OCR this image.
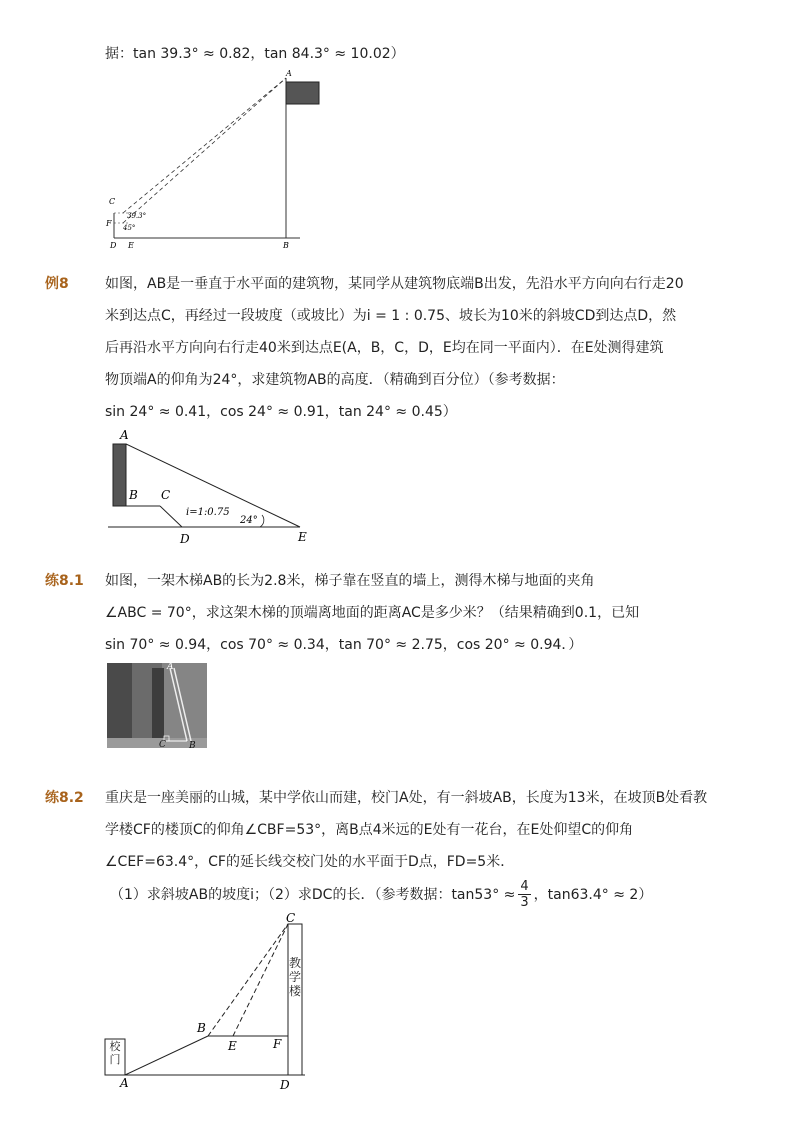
据：tan 39.3° ≈ 0.82，tan 84.3° ≈ 10.02）
A
B
C
F
D E
39.3°
45°
例8	如图，AB是一垂直于水平面的建筑物，某同学从建筑物底端B出发，先沿水平方向向右行走20
米到达点C，再经过一段坡度（或坡比）为i = 1 : 0.75、坡长为10米的斜坡CD到达点D，然
后再沿水平方向向右行走40米到达点E(A，B，C，D，E均在同一平面内）．在E处测得建筑
物顶端A的仰角为24°，求建筑物AB的高度．（精确到百分位）（参考数据：
sin 24° ≈ 0.41，cos 24° ≈ 0.91，tan 24° ≈ 0.45）
A
B C
D	E
i=1:0.75
24°
练8.1 如图，一架木梯AB的长为2.8米，梯子靠在竖直的墙上，测得木梯与地面的夹角
∠ABC = 70°，求这架木梯的顶端离地面的距离AC是多少米？（结果精确到0.1，已知
sin 70° ≈ 0.94，cos 70° ≈ 0.34，tan 70° ≈ 2.75，cos 20° ≈ 0.94．）
A
C	B
练8.2 重庆是一座美丽的山城，某中学依山而建，校门A处，有一斜坡AB，长度为13米，在坡顶B处看教
学楼CF的楼顶C的仰角∠CBF=53°，离B点4米远的E处有一花台，在E处仰望C的仰角
∠CEF=63.4°，CF的延长线交校门处的水平面于D点，FD=5米．
（1）求斜坡AB的坡度i；（2）求DC的长．（参考数据：$\tan 53^\circ \approx \frac{4}{3}$ ，tan63.4° ≈ 2）
C
B
E	F
A	D
校门
教学楼
